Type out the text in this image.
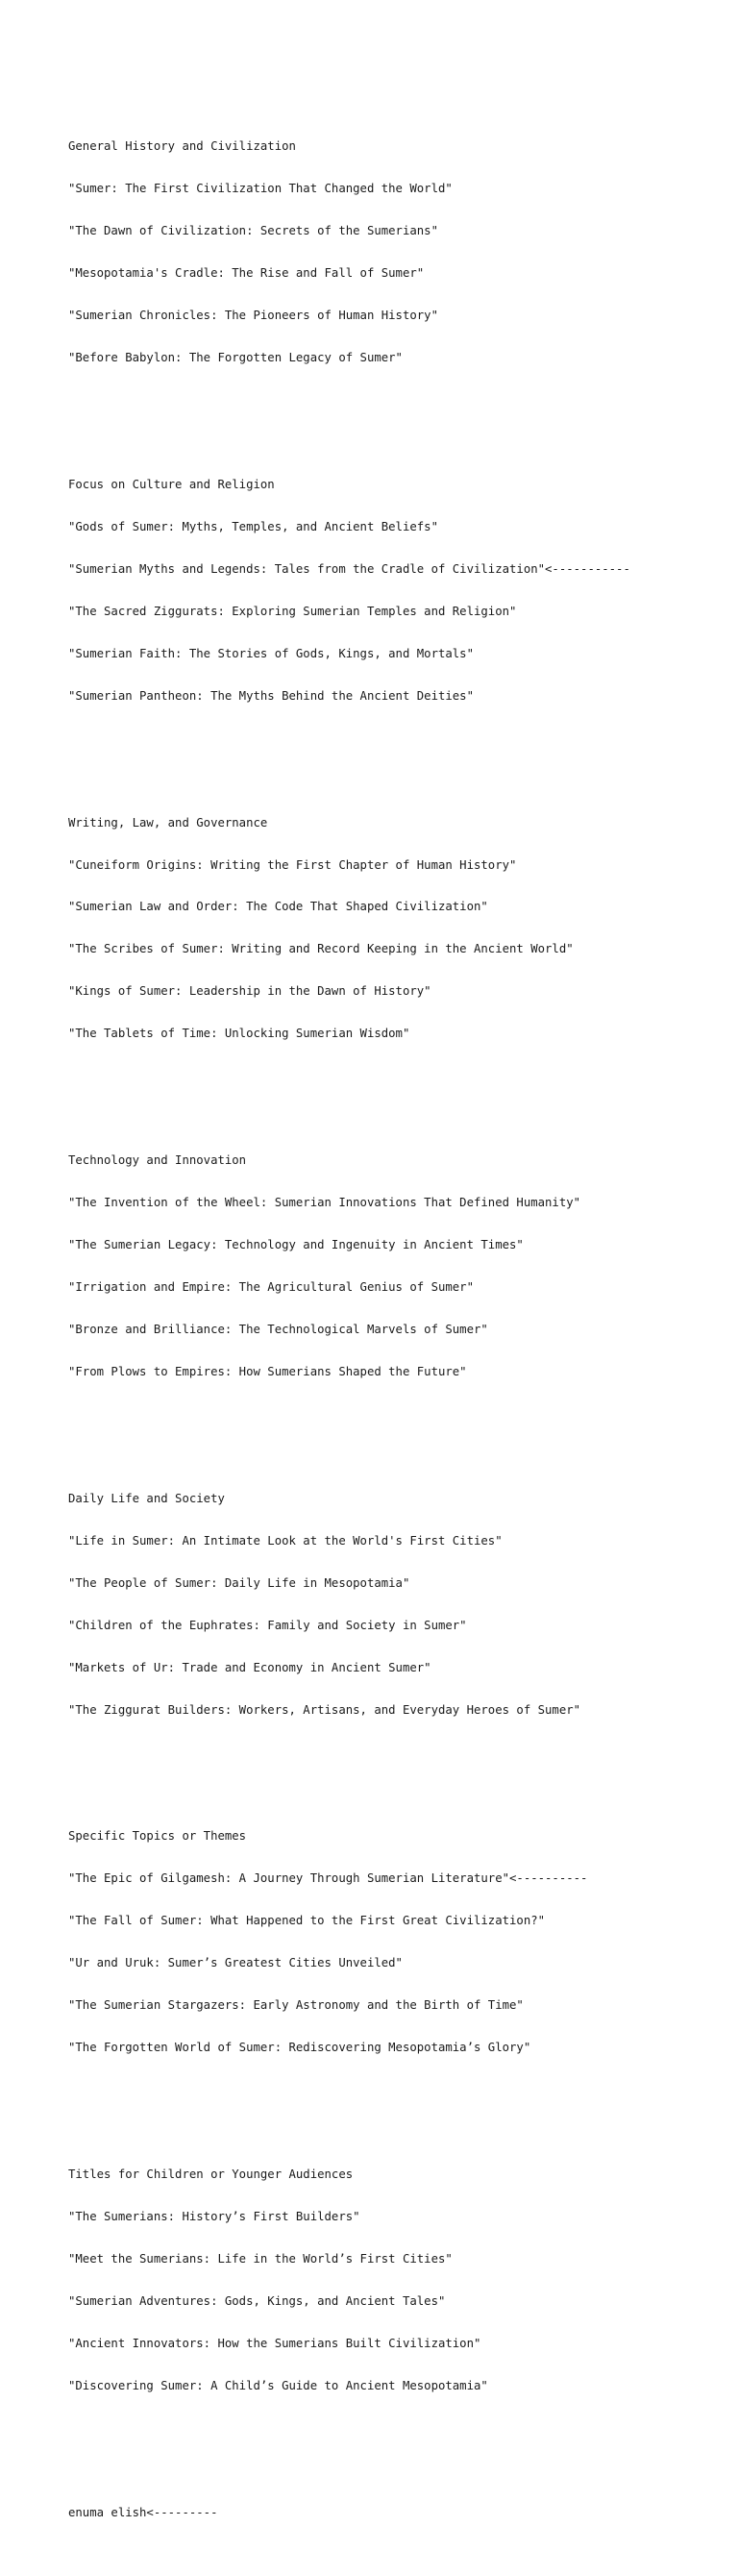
General History and Civilization

"Sumer: The First Civilization That Changed the World"

"The Dawn of Civilization: Secrets of the Sumerians"

"Mesopotamia's Cradle: The Rise and Fall of Sumer"

"Sumerian Chronicles: The Pioneers of Human History"

"Before Babylon: The Forgotten Legacy of Sumer"

Focus on Culture and Religion

"Gods of Sumer: Myths, Temples, and Ancient Beliefs"

"Sumerian Myths and Legends: Tales from the Cradle of Civilization"<-----------

"The Sacred Ziggurats: Exploring Sumerian Temples and Religion"

"Sumerian Faith: The Stories of Gods, Kings, and Mortals"

"Sumerian Pantheon: The Myths Behind the Ancient Deities"

Writing, Law, and Governance

"Cuneiform Origins: Writing the First Chapter of Human History"

"Sumerian Law and Order: The Code That Shaped Civilization"

"The Scribes of Sumer: Writing and Record Keeping in the Ancient World"

"Kings of Sumer: Leadership in the Dawn of History"

"The Tablets of Time: Unlocking Sumerian Wisdom"

Technology and Innovation

"The Invention of the Wheel: Sumerian Innovations That Defined Humanity"

"The Sumerian Legacy: Technology and Ingenuity in Ancient Times"

"Irrigation and Empire: The Agricultural Genius of Sumer"

"Bronze and Brilliance: The Technological Marvels of Sumer"

"From Plows to Empires: How Sumerians Shaped the Future"

Daily Life and Society

"Life in Sumer: An Intimate Look at the World's First Cities"

"The People of Sumer: Daily Life in Mesopotamia"

"Children of the Euphrates: Family and Society in Sumer"

"Markets of Ur: Trade and Economy in Ancient Sumer"

"The Ziggurat Builders: Workers, Artisans, and Everyday Heroes of Sumer"

Specific Topics or Themes

"The Epic of Gilgamesh: A Journey Through Sumerian Literature"<----------

"The Fall of Sumer: What Happened to the First Great Civilization?"

"Ur and Uruk: Sumer’s Greatest Cities Unveiled"

"The Sumerian Stargazers: Early Astronomy and the Birth of Time"

"The Forgotten World of Sumer: Rediscovering Mesopotamia’s Glory"

Titles for Children or Younger Audiences

"The Sumerians: History’s First Builders"

"Meet the Sumerians: Life in the World’s First Cities"

"Sumerian Adventures: Gods, Kings, and Ancient Tales"

"Ancient Innovators: How the Sumerians Built Civilization"

"Discovering Sumer: A Child’s Guide to Ancient Mesopotamia"

enuma elish<---------
